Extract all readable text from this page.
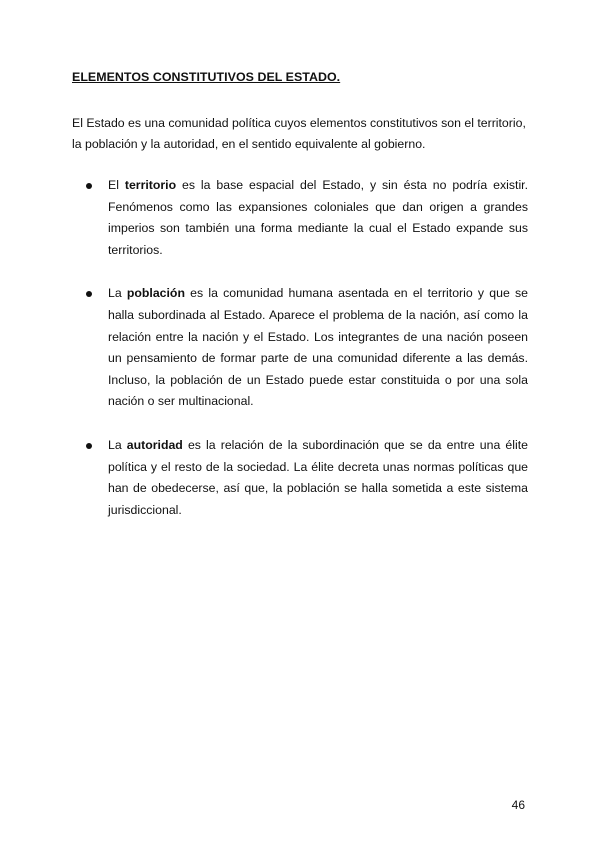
ELEMENTOS CONSTITUTIVOS DEL ESTADO.
El Estado es una comunidad política cuyos elementos constitutivos son el territorio, la población y la autoridad, en el sentido equivalente al gobierno.
El territorio es la base espacial del Estado, y sin ésta no podría existir. Fenómenos como las expansiones coloniales que dan origen a grandes imperios son también una forma mediante la cual el Estado expande sus territorios.
La población es la comunidad humana asentada en el territorio y que se halla subordinada al Estado. Aparece el problema de la nación, así como la relación entre la nación y el Estado. Los integrantes de una nación poseen un pensamiento de formar parte de una comunidad diferente a las demás. Incluso, la población de un Estado puede estar constituida o por una sola nación o ser multinacional.
La autoridad es la relación de la subordinación que se da entre una élite política y el resto de la sociedad. La élite decreta unas normas políticas que han de obedecerse, así que, la población se halla sometida a este sistema jurisdiccional.
46
